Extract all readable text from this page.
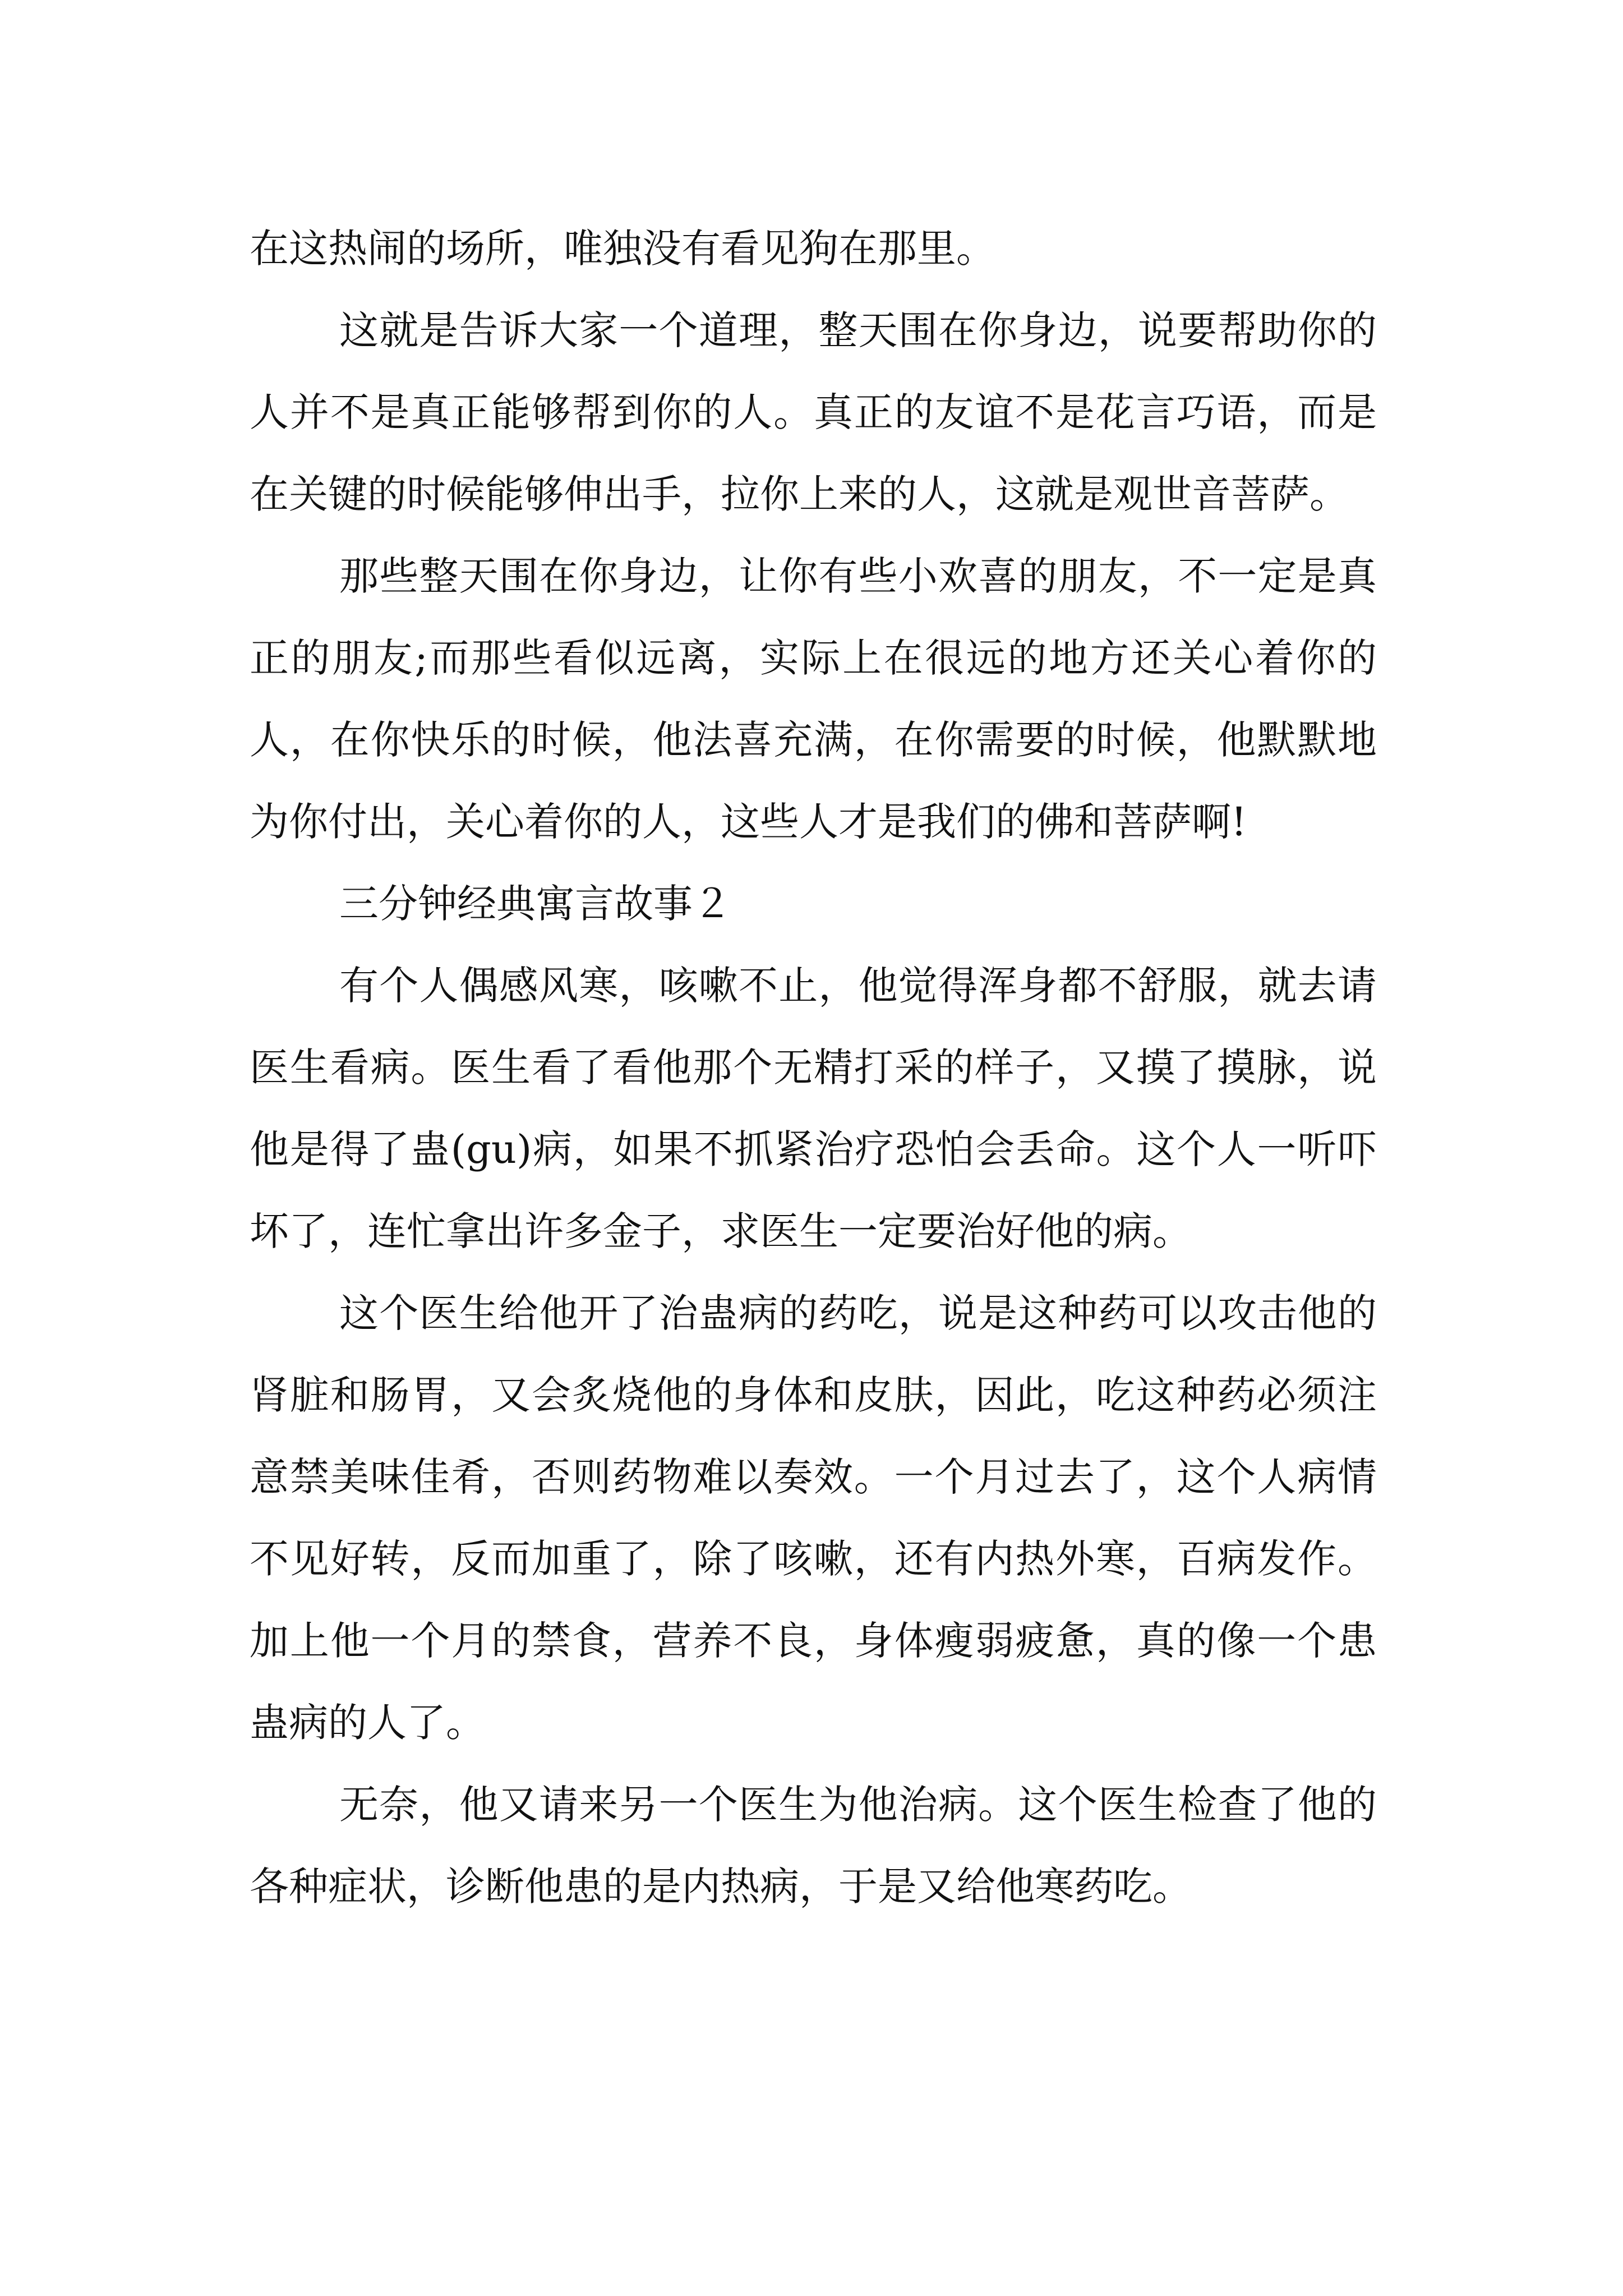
在这热闹的场所，唯独没有看见狗在那里。

这就是告诉大家一个道理，整天围在你身边，说要帮助你的人并不是真正能够帮到你的人。真正的友谊不是花言巧语，而是在关键的时候能够伸出手，拉你上来的人，这就是观世音菩萨。

那些整天围在你身边，让你有些小欢喜的朋友，不一定是真正的朋友;而那些看似远离，实际上在很远的地方还关心着你的人，在你快乐的时候，他法喜充满，在你需要的时候，他默默地为你付出，关心着你的人，这些人才是我们的佛和菩萨啊!

三分钟经典寓言故事２

有个人偶感风寒，咳嗽不止，他觉得浑身都不舒服，就去请医生看病。医生看了看他那个无精打采的样子，又摸了摸脉，说他是得了蛊(gu)病，如果不抓紧治疗恐怕会丢命。这个人一听吓坏了，连忙拿出许多金子，求医生一定要治好他的病。

这个医生给他开了治蛊病的药吃，说是这种药可以攻击他的肾脏和肠胃，又会炙烧他的身体和皮肤，因此，吃这种药必须注意禁美味佳肴，否则药物难以奏效。一个月过去了，这个人病情不见好转，反而加重了，除了咳嗽，还有内热外寒，百病发作。加上他一个月的禁食，营养不良，身体瘦弱疲惫，真的像一个患蛊病的人了。

无奈，他又请来另一个医生为他治病。这个医生检查了他的各种症状，诊断他患的是内热病，于是又给他寒药吃。
